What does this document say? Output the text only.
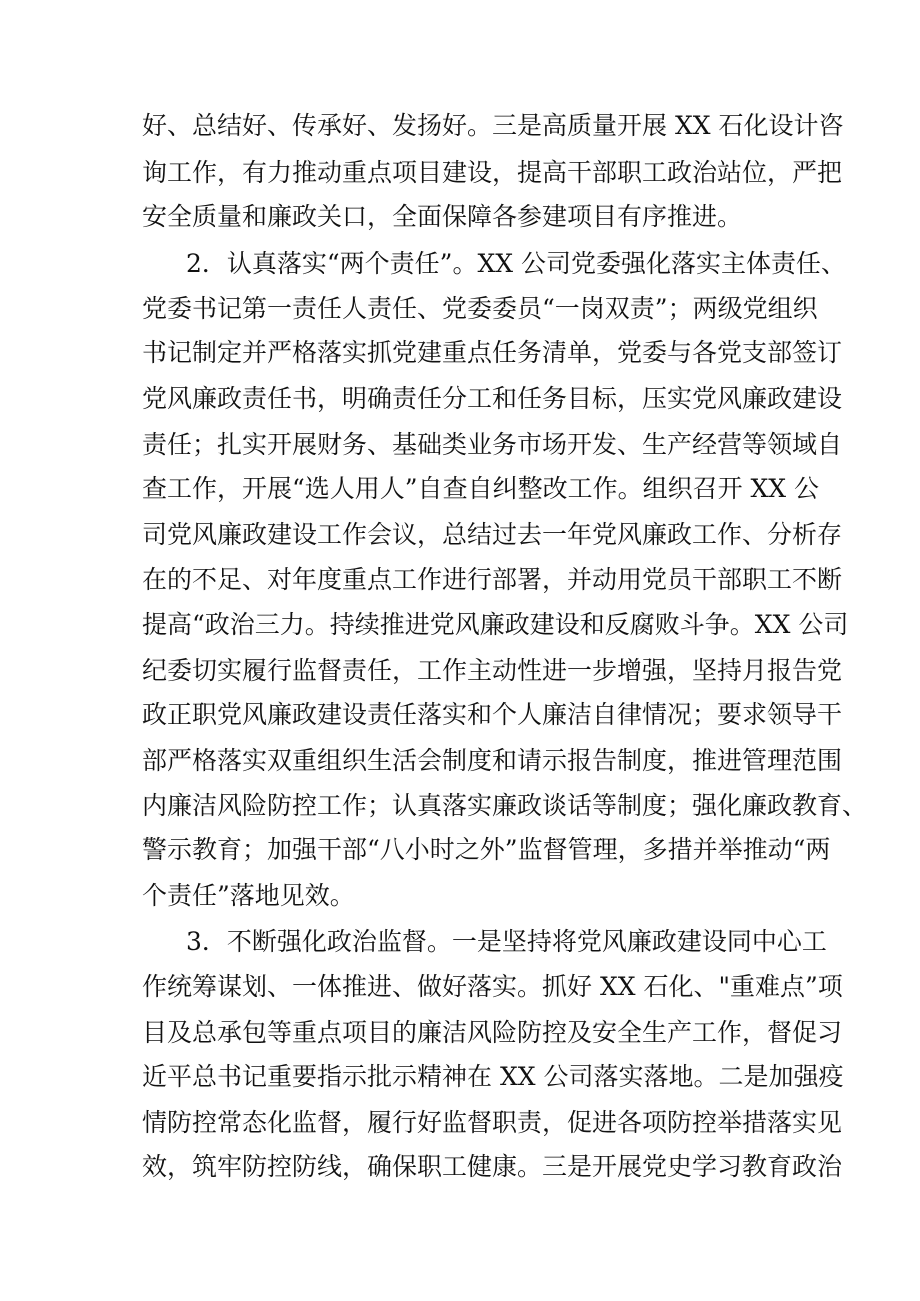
好、总结好、传承好、发扬好。三是高质量开展 XX 石化设计咨
询工作，有力推动重点项目建设，提高干部职工政治站位，严把
安全质量和廉政关口，全面保障各参建项目有序推进。
2．认真落实“两个责任”。XX 公司党委强化落实主体责任、
党委书记第一责任人责任、党委委员“一岗双责”；两级党组织
书记制定并严格落实抓党建重点任务清单，党委与各党支部签订
党风廉政责任书，明确责任分工和任务目标，压实党风廉政建设
责任；扎实开展财务、基础类业务市场开发、生产经营等领域自
查工作，开展“选人用人”自查自纠整改工作。组织召开 XX 公
司党风廉政建设工作会议，总结过去一年党风廉政工作、分析存
在的不足、对年度重点工作进行部署，并动用党员干部职工不断
提高“政治三力。持续推进党风廉政建设和反腐败斗争。XX 公司
纪委切实履行监督责任，工作主动性进一步增强，坚持月报告党
政正职党风廉政建设责任落实和个人廉洁自律情况；要求领导干
部严格落实双重组织生活会制度和请示报告制度，推进管理范围
内廉洁风险防控工作；认真落实廉政谈话等制度；强化廉政教育、
警示教育；加强干部“八小时之外”监督管理，多措并举推动“两
个责任”落地见效。
3．不断强化政治监督。一是坚持将党风廉政建设同中心工
作统筹谋划、一体推进、做好落实。抓好 XX 石化、"重难点”项
目及总承包等重点项目的廉洁风险防控及安全生产工作，督促习
近平总书记重要指示批示精神在 XX 公司落实落地。二是加强疫
情防控常态化监督，履行好监督职责，促进各项防控举措落实见
效，筑牢防控防线，确保职工健康。三是开展党史学习教育政治
